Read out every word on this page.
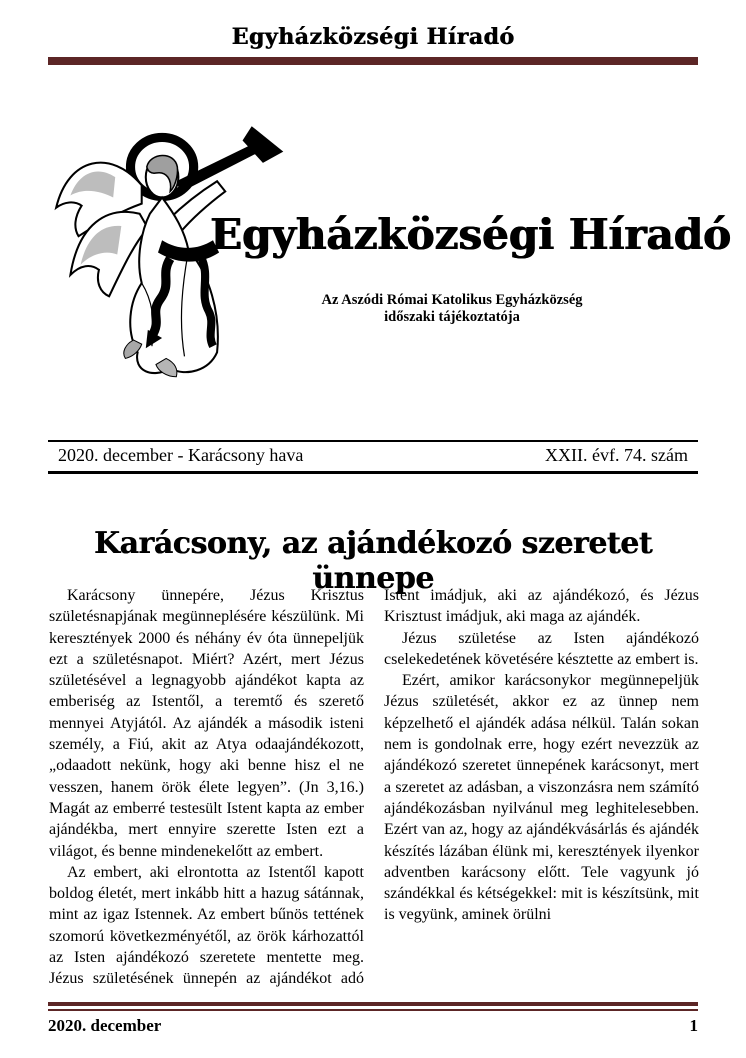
Egyházközségi Híradó
Egyházközségi Híradó
Az Aszódi Római Katolikus Egyházközség
időszaki tájékoztatója
2020. december - Karácsony hava	XXII. évf. 74. szám
Karácsony, az ajándékozó szeretet ünnepe

Karácsony ünnepére, Jézus Krisztus születésnapjának megünneplésére készülünk. Mi keresztények 2000 és néhány év óta ünnepeljük ezt a születésnapot. Miért? Azért, mert Jézus születésével a legnagyobb ajándékot kapta az emberiség az Istentől, a teremtő és szerető mennyei Atyjától. Az ajándék a második isteni személy, a Fiú, akit az Atya odaajándékozott, „odaadott nekünk, hogy aki benne hisz el ne vesszen, hanem örök élete legyen”. (Jn 3,16.) Magát az emberré testesült Istent kapta az ember ajándékba, mert ennyire szerette Isten ezt a világot, és benne mindenekelőtt az embert.

Az embert, aki elrontotta az Istentől kapott boldog életét, mert inkább hitt a hazug sátánnak, mint az igaz Istennek. Az embert bűnös tettének szomorú következményétől, az örök kárhozattól az Isten ajándékozó szeretete mentette meg. Jézus születésének ünnepén az ajándékot adó Istent imádjuk, aki az ajándékozó, és Jézus Krisztust imádjuk, aki maga az ajándék.

Jézus születése az Isten ajándékozó cselekedetének követésére késztette az embert is.

Ezért, amikor karácsonykor megünnepeljük Jézus születését, akkor ez az ünnep nem képzelhető el ajándék adása nélkül. Talán sokan nem is gondolnak erre, hogy ezért nevezzük az ajándékozó szeretet ünnepének karácsonyt, mert a szeretet az adásban, a viszonzásra nem számító ajándékozásban nyilvánul meg leghitelesebben. Ezért van az, hogy az ajándékvásárlás és ajándék készítés lázában élünk mi, keresztények ilyenkor adventben karácsony előtt. Tele vagyunk jó szándékkal és kétségekkel: mit is készítsünk, mit is vegyünk, aminek örülni

2020. december	1
